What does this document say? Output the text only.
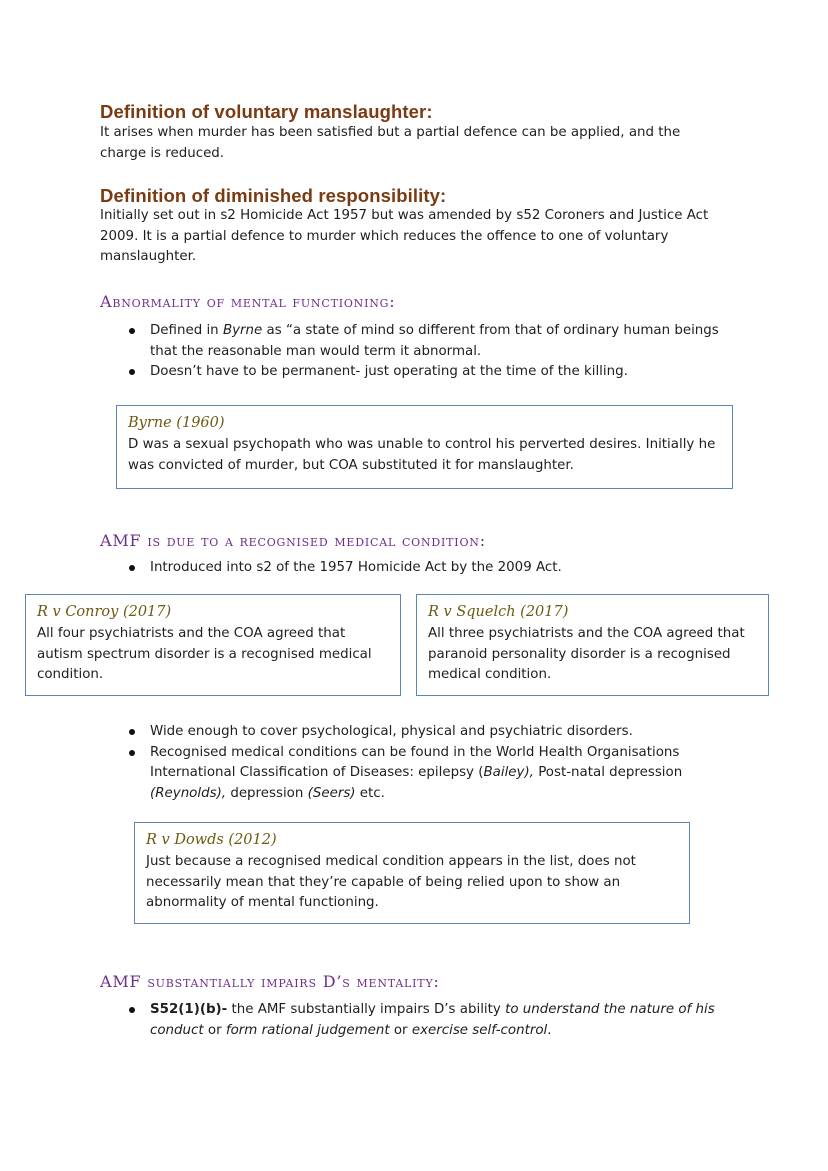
Definition of voluntary manslaughter:
It arises when murder has been satisfied but a partial defence can be applied, and the
charge is reduced.
Definition of diminished responsibility:
Initially set out in s2 Homicide Act 1957 but was amended by s52 Coroners and Justice Act
2009. It is a partial defence to murder which reduces the offence to one of voluntary
manslaughter.
Abnormality of mental functioning:
Defined in Byrne as “a state of mind so different from that of ordinary human beings
that the reasonable man would term it abnormal.
Doesn’t have to be permanent- just operating at the time of the killing.
Byrne (1960)
D was a sexual psychopath who was unable to control his perverted desires. Initially he
was convicted of murder, but COA substituted it for manslaughter.
AMF is due to a recognised medical condition:
Introduced into s2 of the 1957 Homicide Act by the 2009 Act.
R v Conroy (2017)
All four psychiatrists and the COA agreed that
autism spectrum disorder is a recognised medical
condition.
R v Squelch (2017)
All three psychiatrists and the COA agreed that
paranoid personality disorder is a recognised
medical condition.
Wide enough to cover psychological, physical and psychiatric disorders.
Recognised medical conditions can be found in the World Health Organisations
International Classification of Diseases: epilepsy (Bailey), Post-natal depression
(Reynolds), depression (Seers) etc.
R v Dowds (2012)
Just because a recognised medical condition appears in the list, does not
necessarily mean that they’re capable of being relied upon to show an
abnormality of mental functioning.
AMF substantially impairs D’s mentality:
S52(1)(b)- the AMF substantially impairs D’s ability to understand the nature of his
conduct or form rational judgement or exercise self-control.
